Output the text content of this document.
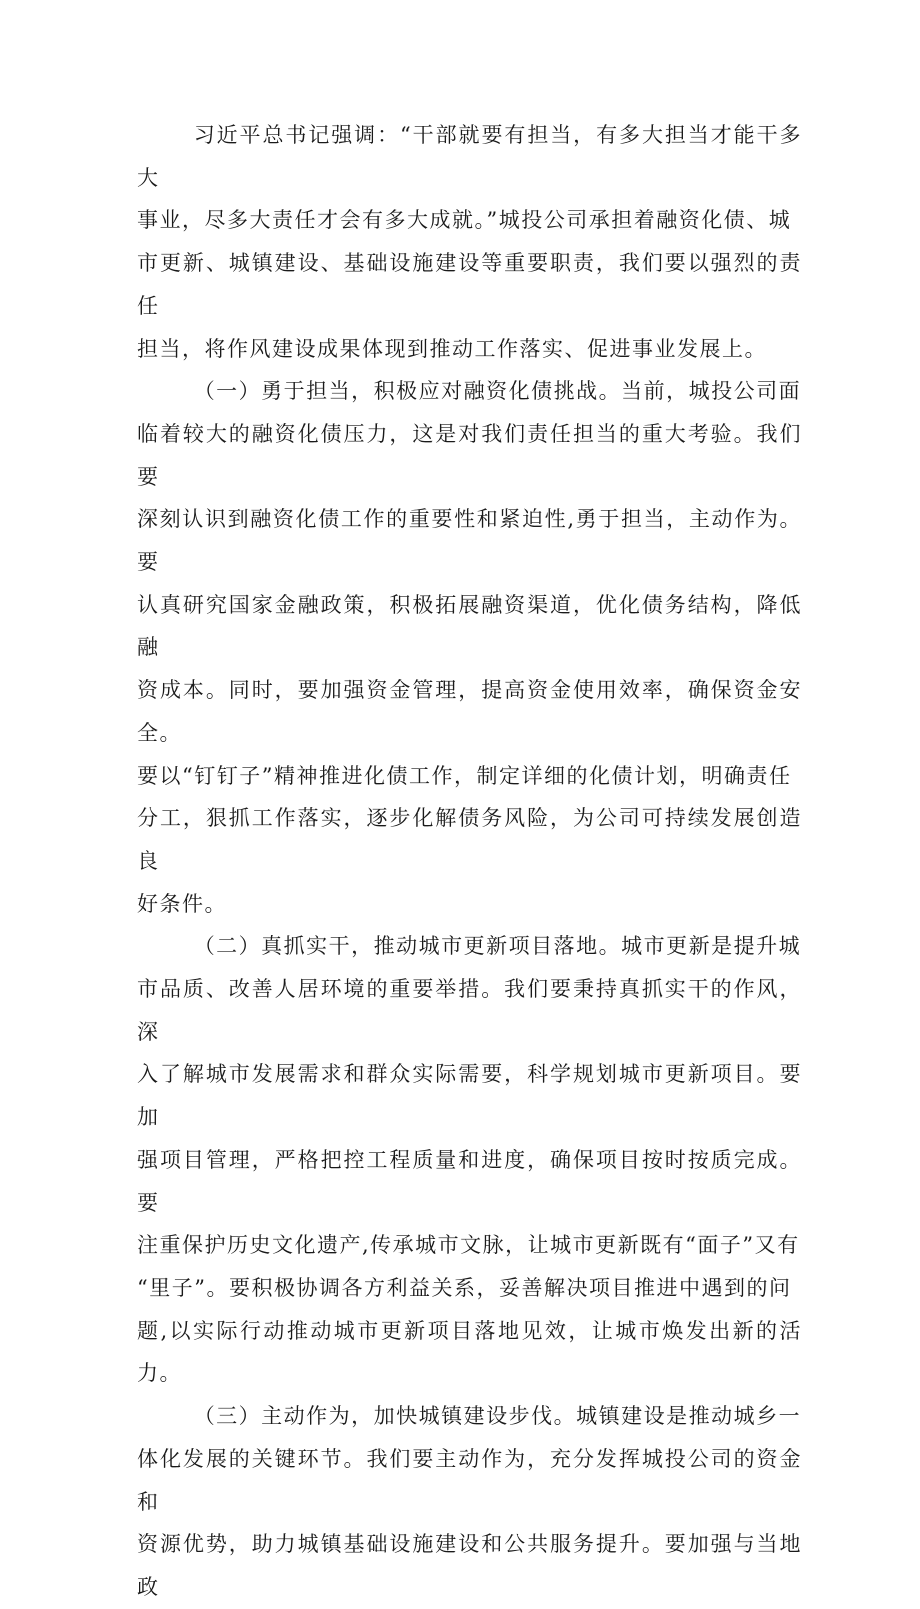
习近平总书记强调：“干部就要有担当，有多大担当才能干多大
事业，尽多大责任才会有多大成就。”城投公司承担着融资化债、城
市更新、城镇建设、基础设施建设等重要职责，我们要以强烈的责任
担当，将作风建设成果体现到推动工作落实、促进事业发展上。

（一）勇于担当，积极应对融资化债挑战。当前，城投公司面
临着较大的融资化债压力，这是对我们责任担当的重大考验。我们要
深刻认识到融资化债工作的重要性和紧迫性,勇于担当，主动作为。要
认真研究国家金融政策，积极拓展融资渠道，优化债务结构，降低融
资成本。同时，要加强资金管理，提高资金使用效率，确保资金安全。
要以“钉钉子”精神推进化债工作，制定详细的化债计划，明确责任
分工，狠抓工作落实，逐步化解债务风险，为公司可持续发展创造良
好条件。

（二）真抓实干，推动城市更新项目落地。城市更新是提升城
市品质、改善人居环境的重要举措。我们要秉持真抓实干的作风，深
入了解城市发展需求和群众实际需要，科学规划城市更新项目。要加
强项目管理，严格把控工程质量和进度，确保项目按时按质完成。要
注重保护历史文化遗产,传承城市文脉，让城市更新既有“面子”又有
“里子”。要积极协调各方利益关系，妥善解决项目推进中遇到的问
题,以实际行动推动城市更新项目落地见效，让城市焕发出新的活力。

（三）主动作为，加快城镇建设步伐。城镇建设是推动城乡一
体化发展的关键环节。我们要主动作为，充分发挥城投公司的资金和
资源优势，助力城镇基础设施建设和公共服务提升。要加强与当地政
